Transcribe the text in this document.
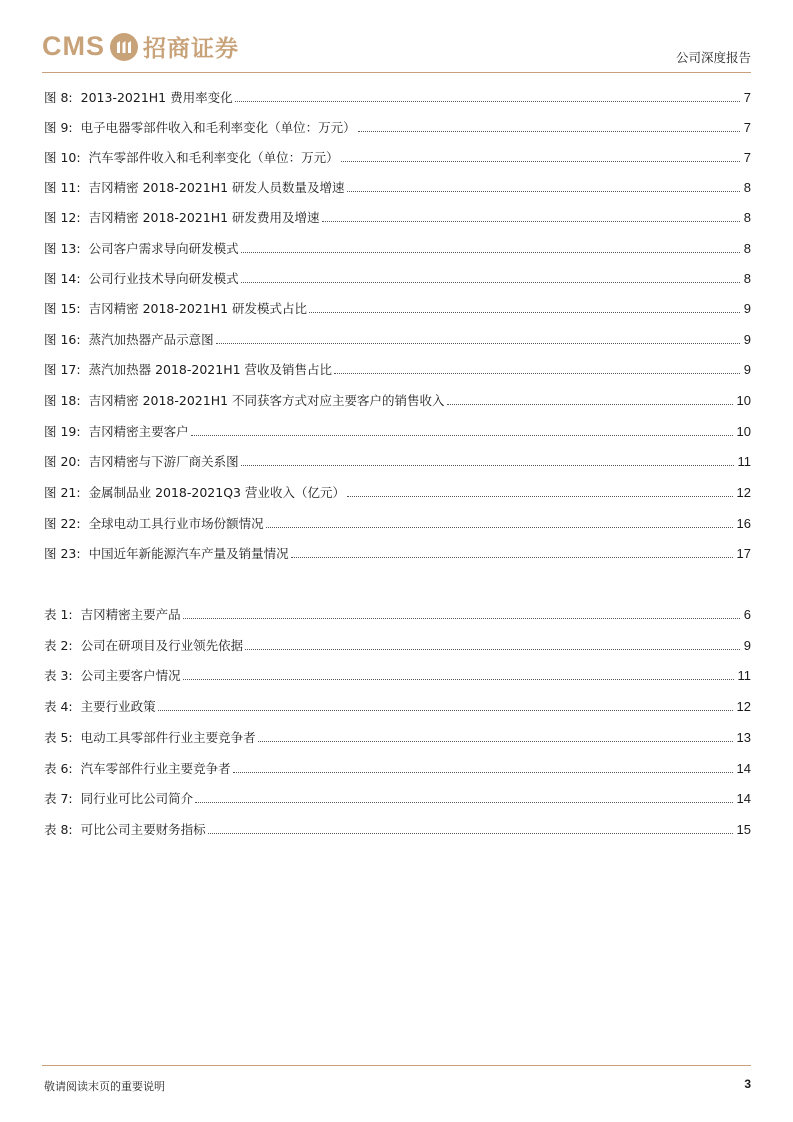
CMS 招商证券	公司深度报告
图 8: 2013-2021H1 费用率变化	7
图 9: 电子电器零部件收入和毛利率变化（单位：万元）	7
图 10: 汽车零部件收入和毛利率变化（单位：万元）	7
图 11: 吉冈精密 2018-2021H1 研发人员数量及增速	8
图 12: 吉冈精密 2018-2021H1 研发费用及增速	8
图 13: 公司客户需求导向研发模式	8
图 14: 公司行业技术导向研发模式	8
图 15: 吉冈精密 2018-2021H1 研发模式占比	9
图 16: 蒸汽加热器产品示意图	9
图 17: 蒸汽加热器 2018-2021H1 营收及销售占比	9
图 18: 吉冈精密 2018-2021H1 不同获客方式对应主要客户的销售收入	10
图 19: 吉冈精密主要客户	10
图 20: 吉冈精密与下游厂商关系图	11
图 21: 金属制品业 2018-2021Q3 营业收入（亿元）	12
图 22: 全球电动工具行业市场份额情况	16
图 23: 中国近年新能源汽车产量及销量情况	17
表 1: 吉冈精密主要产品	6
表 2: 公司在研项目及行业领先依据	9
表 3: 公司主要客户情况	11
表 4: 主要行业政策	12
表 5: 电动工具零部件行业主要竞争者	13
表 6: 汽车零部件行业主要竞争者	14
表 7: 同行业可比公司简介	14
表 8: 可比公司主要财务指标	15
敬请阅读末页的重要说明	3
